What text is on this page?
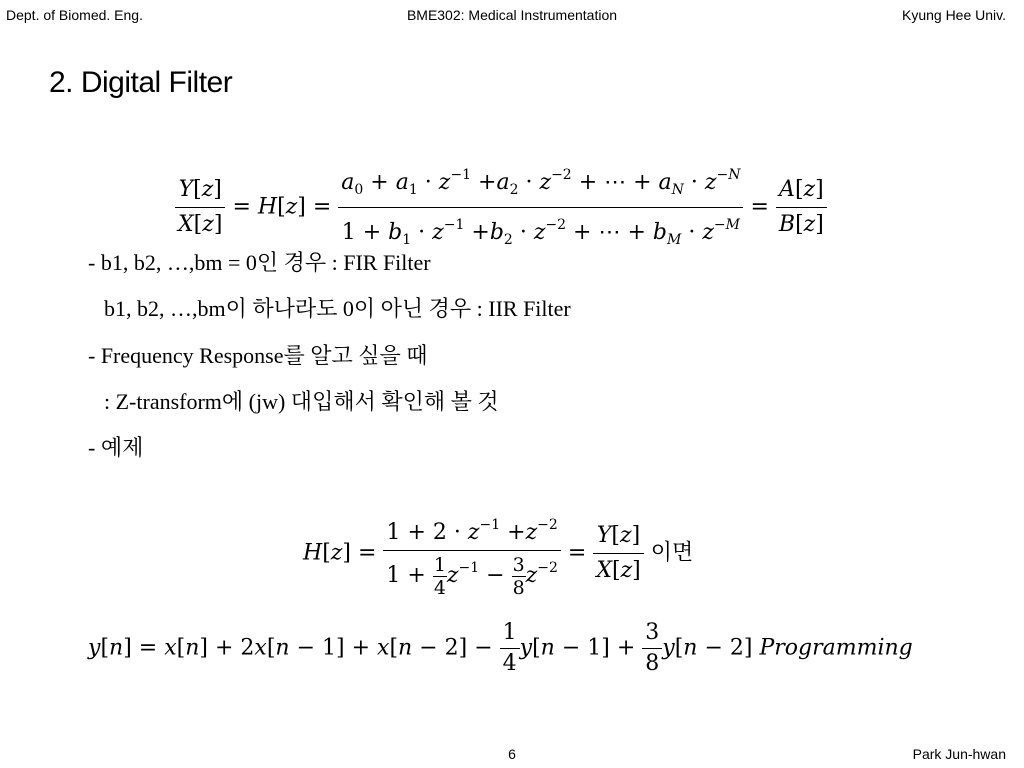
Dept. of Biomed. Eng.	BME302: Medical Instrumentation	Kyung Hee Univ.
2. Digital Filter
$\frac{Y[z]}{X[z]} = H[z] = \frac{a_0 + a_1 \cdot z^{-1} +a_2 \cdot z^{-2} + \cdots + a_N \cdot z^{-N}}{1 + b_1 \cdot z^{-1} +b_2 \cdot z^{-2} + \cdots + b_M \cdot z^{-M}} = \frac{A[z]}{B[z]}$
- b1, b2, …,bm = 0인 경우 : FIR Filter
b1, b2, …,bm이 하나라도 0이 아닌 경우 : IIR Filter
- Frequency Response를 알고 싶을 때
: Z-transform에 (jw) 대입해서 확인해 볼 것
- 예제
$H[z] = \frac{1 + 2 \cdot z^{-1} +z^{-2}}{1 + \frac{1}{4} z^{-1} - \frac{3}{8} z^{-2}} = \frac{Y[z]}{X[z]}$ 이면
$y[n] = x[n] + 2x[n - 1] + x[n - 2] - \frac{1}{4} y[n - 1] + \frac{3}{8} y[n - 2]$ Programming
6	Park Jun-hwan
